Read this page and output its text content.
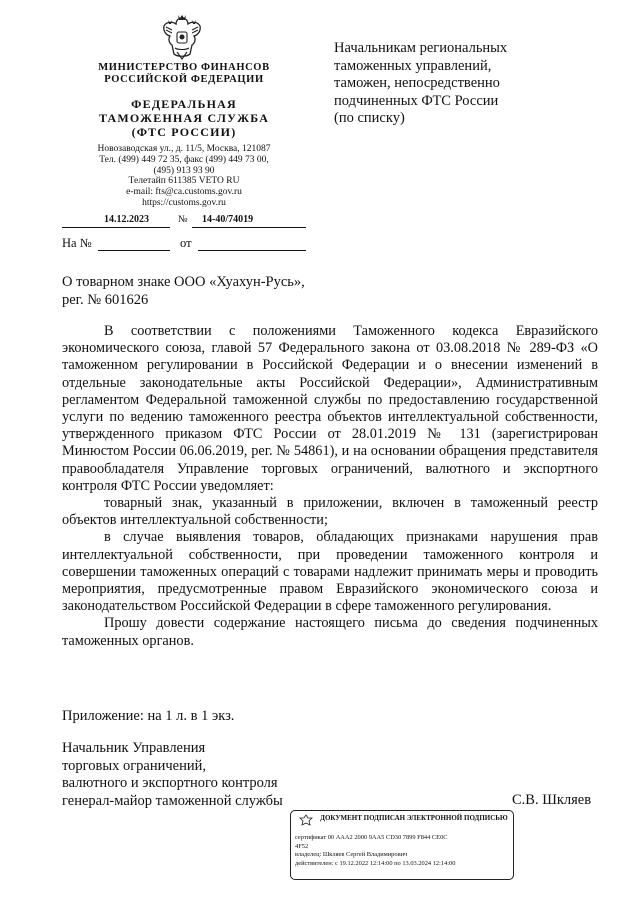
МИНИСТЕРСТВО ФИНАНСОВ
РОССИЙСКОЙ ФЕДЕРАЦИИ
ФЕДЕРАЛЬНАЯ
ТАМОЖЕННАЯ СЛУЖБА
(ФТС РОССИИ)
Новозаводская ул., д. 11/5, Москва, 121087
Тел. (499) 449 72 35, факс (499) 449 73 00,
(495) 913 93 90
Телетайп 611385 VETO RU
e-mail: fts@ca.customs.gov.ru
https://customs.gov.ru
14.12.2023	№ 14-40/74019
На №	от
Начальникам региональных
таможенных управлений,
таможен, непосредственно
подчиненных ФТС России
(по списку)
О товарном знаке ООО «Хуахун-Русь»,
рег. № 601626

В соответствии с положениями Таможенного кодекса Евразийского экономического союза, главой 57 Федерального закона от 03.08.2018 № 289-ФЗ «О таможенном регулировании в Российской Федерации и о внесении изменений в отдельные законодательные акты Российской Федерации», Административным регламентом Федеральной таможенной службы по предоставлению государственной услуги по ведению таможенного реестра объектов интеллектуальной собственности, утвержденного приказом ФТС России от 28.01.2019 № 131 (зарегистрирован Минюстом России 06.06.2019, рег. № 54861), и на основании обращения представителя правообладателя Управление торговых ограничений, валютного и экспортного контроля ФТС России уведомляет:

товарный знак, указанный в приложении, включен в таможенный реестр объектов интеллектуальной собственности;

в случае выявления товаров, обладающих признаками нарушения прав интеллектуальной собственности, при проведении таможенного контроля и совершении таможенных операций с товарами надлежит принимать меры и проводить мероприятия, предусмотренные правом Евразийского экономического союза и законодательством Российской Федерации в сфере таможенного регулирования.

Прошу довести содержание настоящего письма до сведения подчиненных таможенных органов.

Приложение: на 1 л. в 1 экз.
Начальник Управления
торговых ограничений,
валютного и экспортного контроля
генерал-майор таможенной службы	С.В. Шкляев
ДОКУМЕНТ ПОДПИСАН ЭЛЕКТРОННОЙ ПОДПИСЬЮ
сертификат 00 AAA2 2000 9AA5 CD30 7899 F844 CE0C
4F52
владелец: Шкляев Сергей Владимирович
действителен: с 19.12.2022 12:14:00 по 13.03.2024 12:14:00
